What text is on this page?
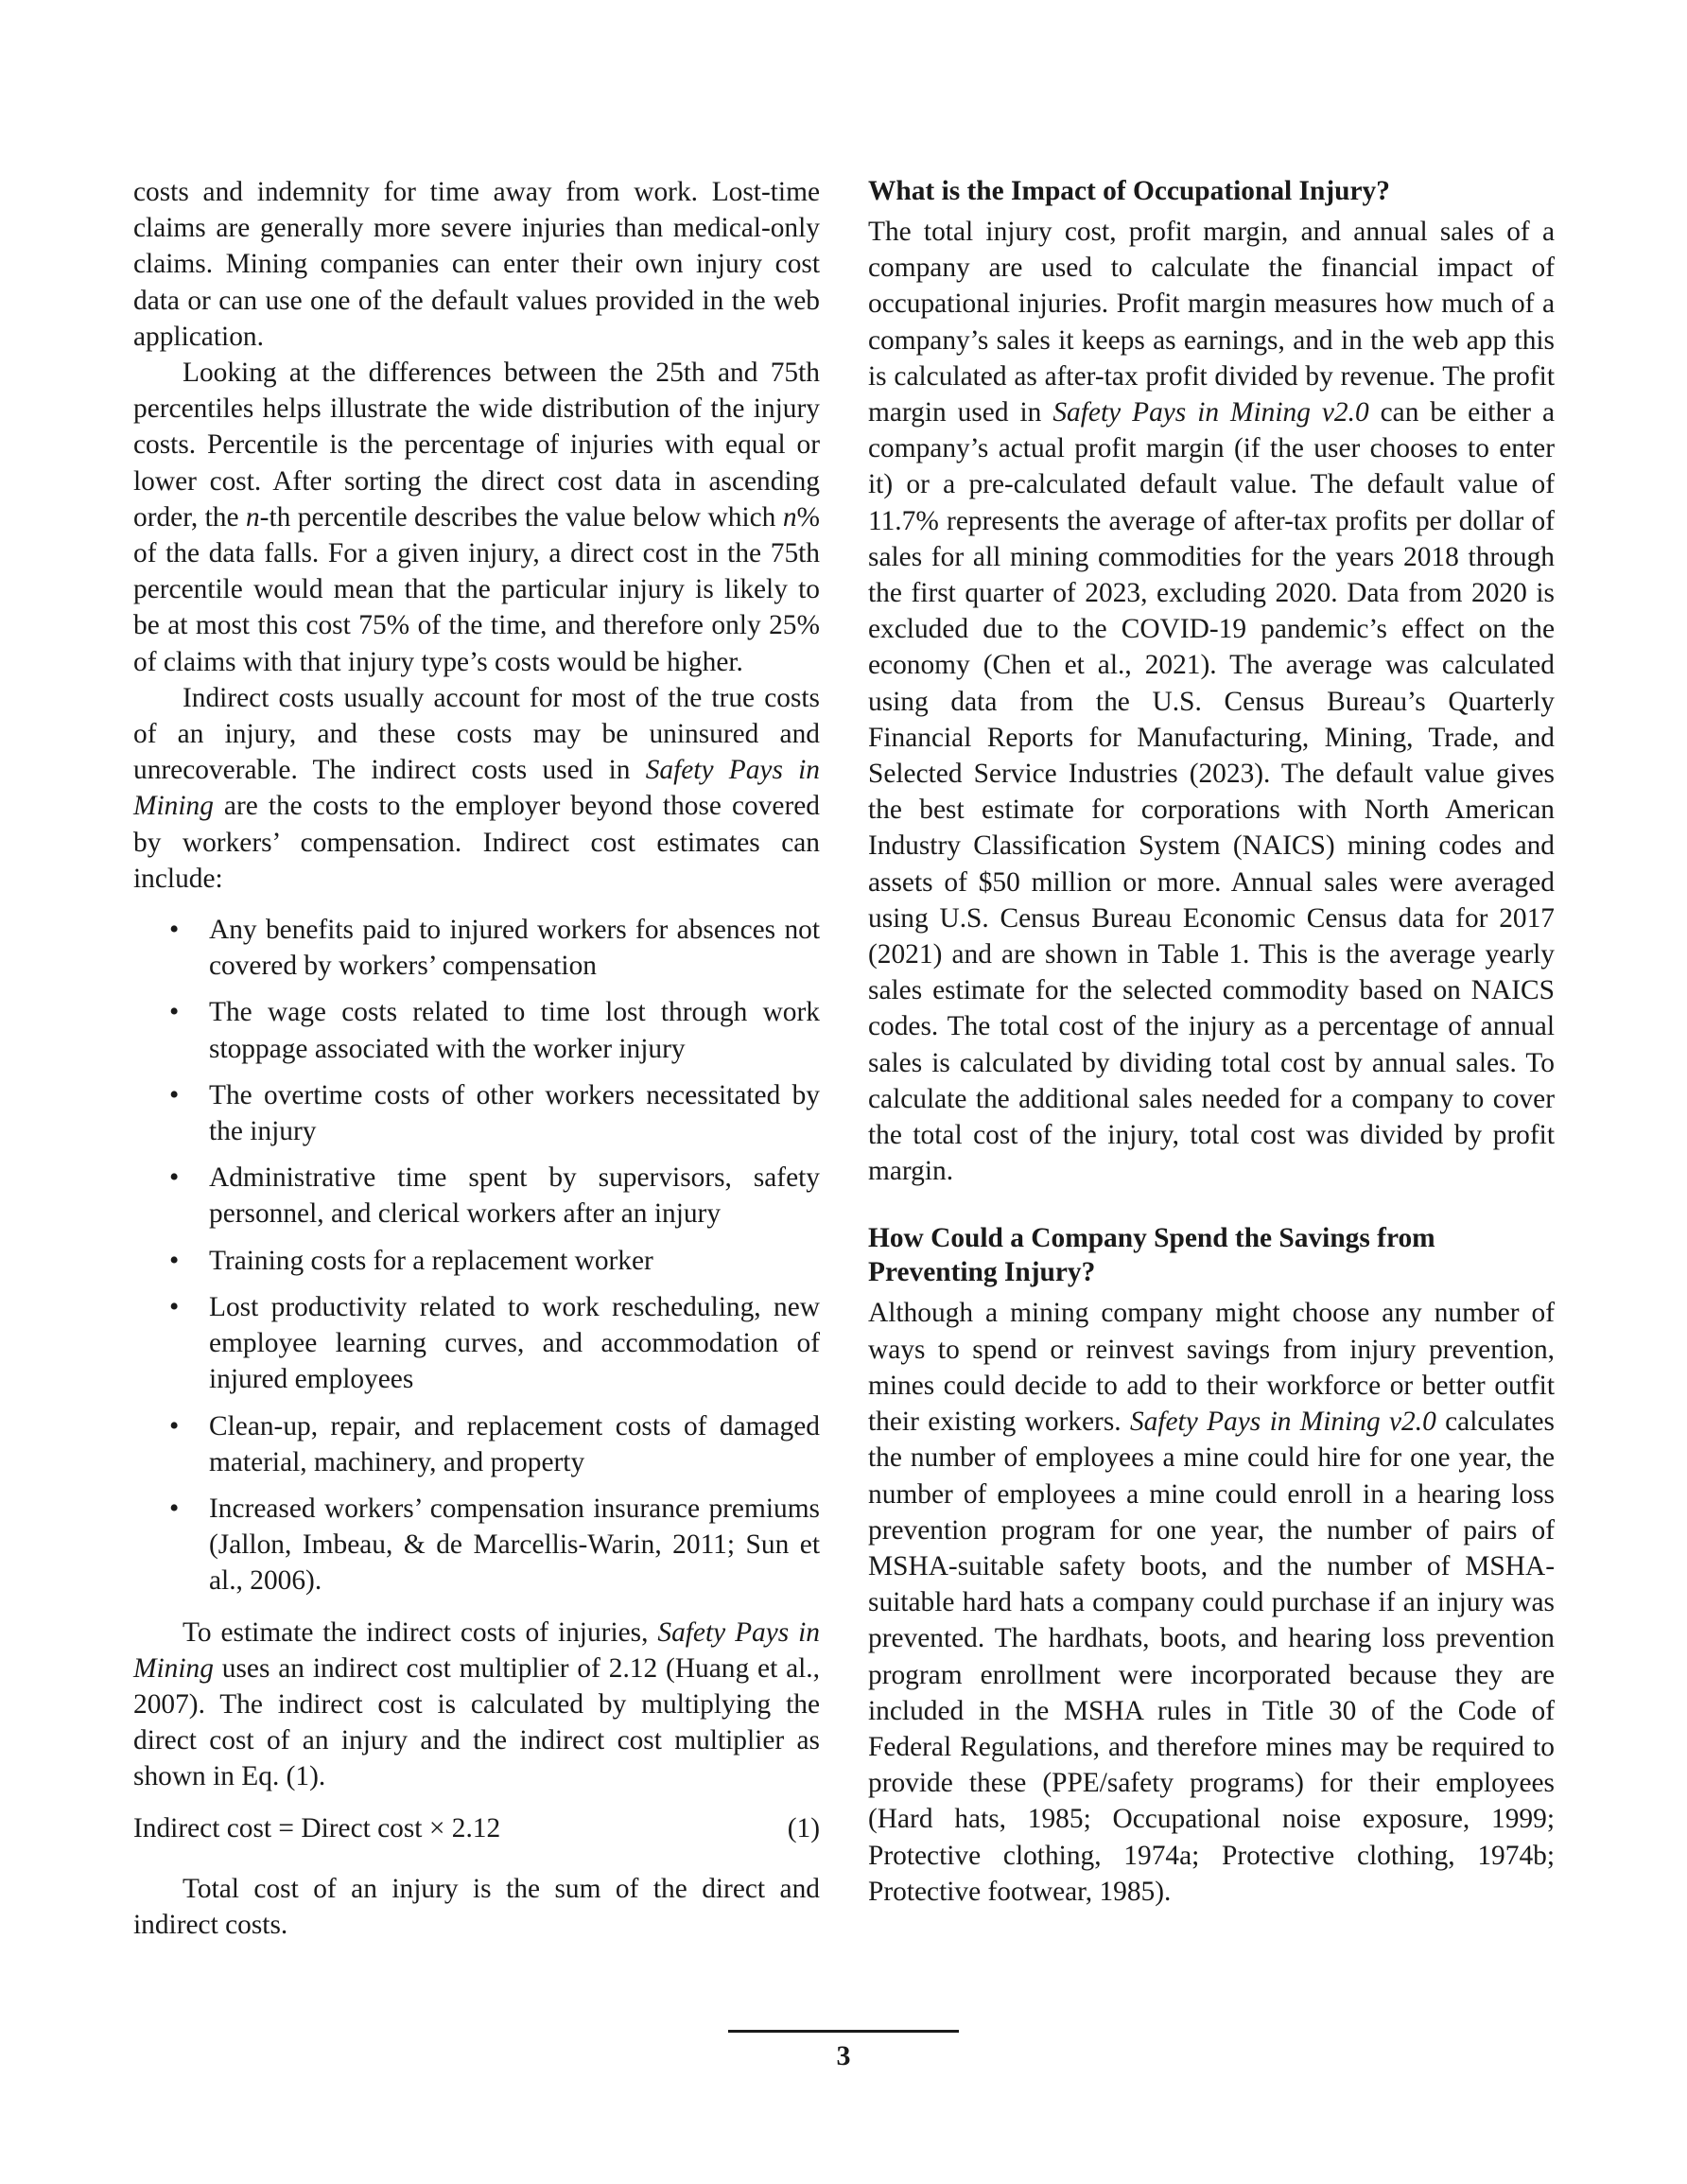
costs and indemnity for time away from work. Lost-time claims are generally more severe injuries than medical-only claims. Mining companies can enter their own injury cost data or can use one of the default values provided in the web application.

Looking at the differences between the 25th and 75th percentiles helps illustrate the wide distribution of the injury costs. Percentile is the percentage of injuries with equal or lower cost. After sorting the direct cost data in ascending order, the n-th percentile describes the value below which n% of the data falls. For a given injury, a direct cost in the 75th percentile would mean that the particular injury is likely to be at most this cost 75% of the time, and therefore only 25% of claims with that injury type’s costs would be higher.

Indirect costs usually account for most of the true costs of an injury, and these costs may be uninsured and unrecoverable. The indirect costs used in Safety Pays in Mining are the costs to the employer beyond those covered by workers’ compensation. Indirect cost estimates can include:

•	Any benefits paid to injured workers for absences not covered by workers’ compensation
•	The wage costs related to time lost through work stoppage associated with the worker injury
•	The overtime costs of other workers necessitated by the injury
•	Administrative time spent by supervisors, safety personnel, and clerical workers after an injury
•	Training costs for a replacement worker
•	Lost productivity related to work rescheduling, new employee learning curves, and accommodation of injured employees
•	Clean-up, repair, and replacement costs of damaged material, machinery, and property
•	Increased workers’ compensation insurance premiums (Jallon, Imbeau, & de Marcellis-Warin, 2011; Sun et al., 2006).

To estimate the indirect costs of injuries, Safety Pays in Mining uses an indirect cost multiplier of 2.12 (Huang et al., 2007). The indirect cost is calculated by multiplying the direct cost of an injury and the indirect cost multiplier as shown in Eq. (1).

Indirect cost = Direct cost × 2.12	(1)

Total cost of an injury is the sum of the direct and indirect costs.

What is the Impact of Occupational Injury?

The total injury cost, profit margin, and annual sales of a company are used to calculate the financial impact of occupational injuries. Profit margin measures how much of a company’s sales it keeps as earnings, and in the web app this is calculated as after-tax profit divided by revenue. The profit margin used in Safety Pays in Mining v2.0 can be either a company’s actual profit margin (if the user chooses to enter it) or a pre-calculated default value. The default value of 11.7% represents the average of after-tax profits per dollar of sales for all mining commodities for the years 2018 through the first quarter of 2023, excluding 2020. Data from 2020 is excluded due to the COVID-19 pandemic’s effect on the economy (Chen et al., 2021). The average was calculated using data from the U.S. Census Bureau’s Quarterly Financial Reports for Manufacturing, Mining, Trade, and Selected Service Industries (2023). The default value gives the best estimate for corporations with North American Industry Classification System (NAICS) mining codes and assets of $50 million or more. Annual sales were averaged using U.S. Census Bureau Economic Census data for 2017 (2021) and are shown in Table 1. This is the average yearly sales estimate for the selected commodity based on NAICS codes. The total cost of the injury as a percentage of annual sales is calculated by dividing total cost by annual sales. To calculate the additional sales needed for a company to cover the total cost of the injury, total cost was divided by profit margin.

How Could a Company Spend the Savings from Preventing Injury?

Although a mining company might choose any number of ways to spend or reinvest savings from injury prevention, mines could decide to add to their workforce or better outfit their existing workers. Safety Pays in Mining v2.0 calculates the number of employees a mine could hire for one year, the number of employees a mine could enroll in a hearing loss prevention program for one year, the number of pairs of MSHA-suitable safety boots, and the number of MSHA-suitable hard hats a company could purchase if an injury was prevented. The hardhats, boots, and hearing loss prevention program enrollment were incorporated because they are included in the MSHA rules in Title 30 of the Code of Federal Regulations, and therefore mines may be required to provide these (PPE/safety programs) for their employees (Hard hats, 1985; Occupational noise exposure, 1999; Protective clothing, 1974a; Protective clothing, 1974b; Protective footwear, 1985).

3
